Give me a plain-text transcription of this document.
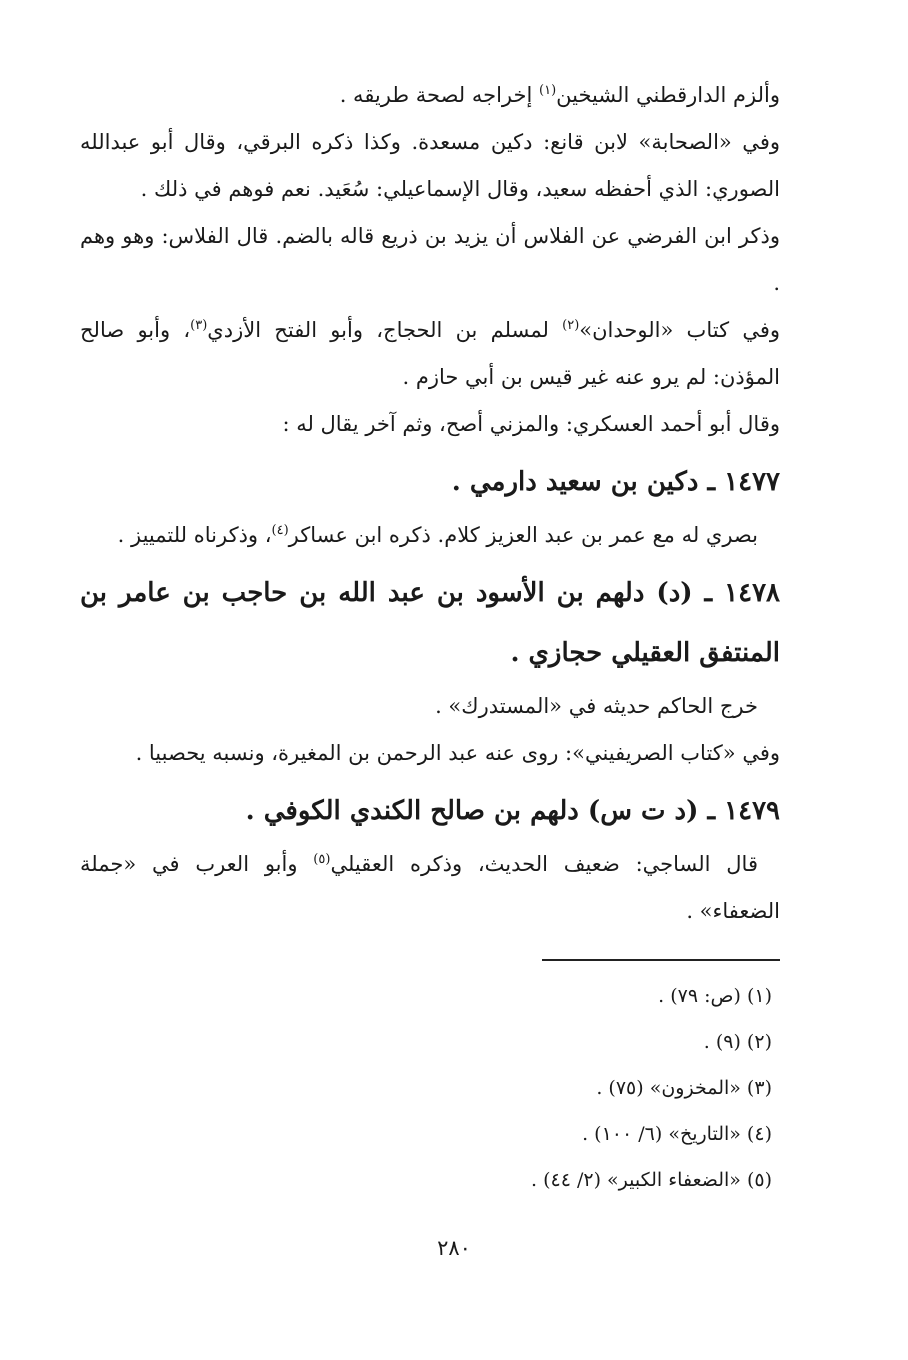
وألزم الدارقطني الشيخين$^{(١)}$ إخراجه لصحة طريقه .

وفي «الصحابة» لابن قانع: دكين مسعدة. وكذا ذكره البرقي، وقال أبو عبدالله الصوري: الذي أحفظه سعيد، وقال الإسماعيلي: سُعَيد. نعم فوهم في ذلك .

وذكر ابن الفرضي عن الفلاس أن يزيد بن ذريع قاله بالضم. قال الفلاس: وهو وهم .

وفي كتاب «الوحدان»$^{(٢)}$ لمسلم بن الحجاج، وأبو الفتح الأزدي$^{(٣)}$، وأبو صالح المؤذن: لم يرو عنه غير قيس بن أبي حازم .

وقال أبو أحمد العسكري: والمزني أصح، وثم آخر يقال له :

١٤٧٧ ـ دكين بن سعيد دارمي .

بصري له مع عمر بن عبد العزيز كلام. ذكره ابن عساكر$^{(٤)}$، وذكرناه للتمييز .

١٤٧٨ ـ (د) دلهم بن الأسود بن عبد الله بن حاجب بن عامر بن المنتفق العقيلي حجازي .

خرج الحاكم حديثه في «المستدرك» .

وفي «كتاب الصريفيني»: روى عنه عبد الرحمن بن المغيرة، ونسبه يحصبيا .

١٤٧٩ ـ (د ت س) دلهم بن صالح الكندي الكوفي .

قال الساجي: ضعيف الحديث، وذكره العقيلي$^{(٥)}$ وأبو العرب في «جملة الضعفاء» .

(١) (ص: ٧٩) .
(٢) (٩) .
(٣) «المخزون» (٧٥) .
(٤) «التاريخ» (٦/ ١٠٠) .
(٥) «الضعفاء الكبير» (٢/ ٤٤) .
٢٨٠
